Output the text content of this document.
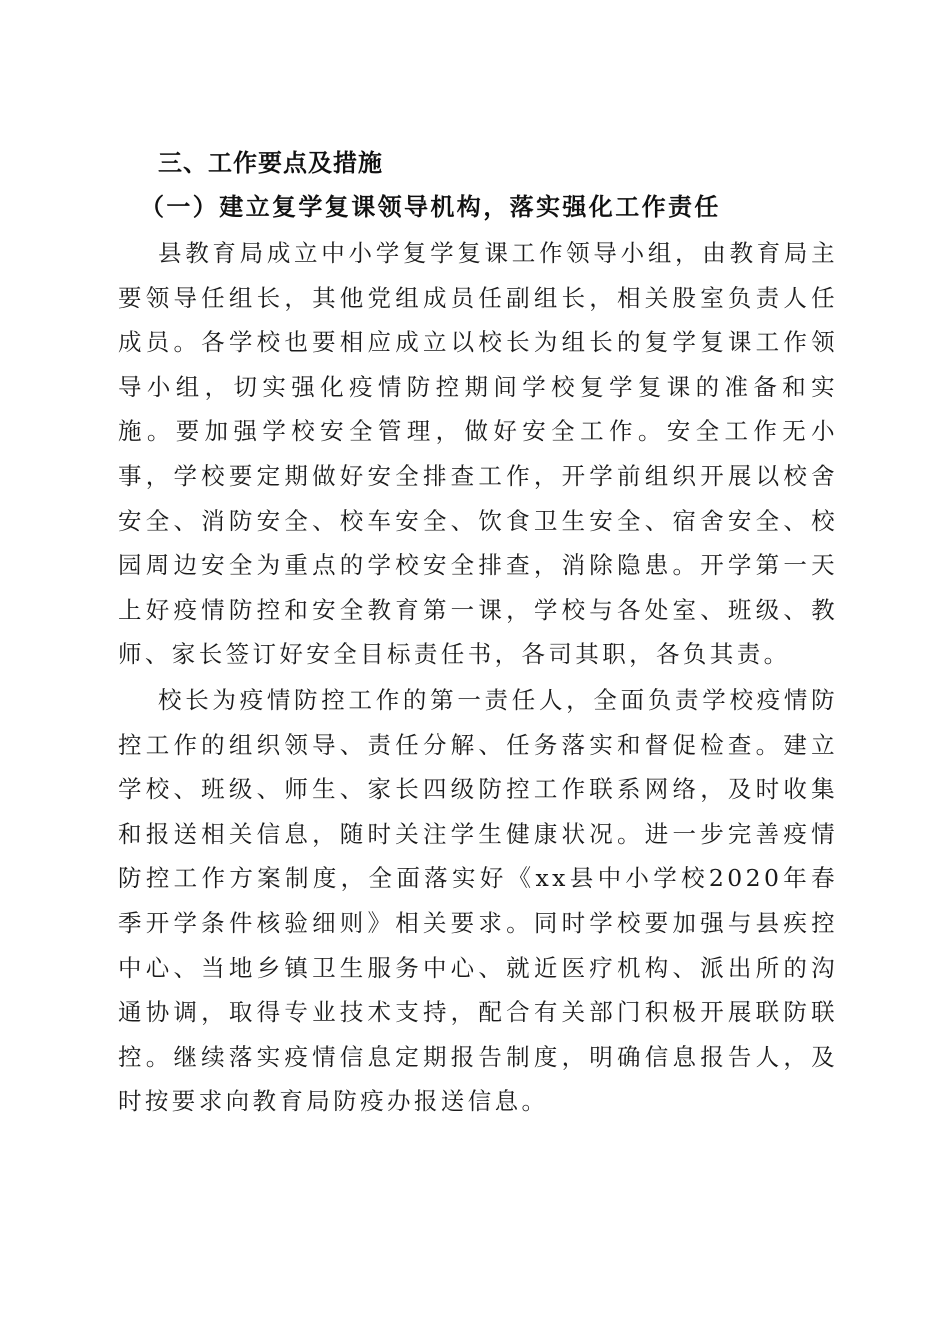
三、工作要点及措施
（一）建立复学复课领导机构，落实强化工作责任

县教育局成立中小学复学复课工作领导小组，由教育局主要领导任组长，其他党组成员任副组长，相关股室负责人任成员。各学校也要相应成立以校长为组长的复学复课工作领导小组，切实强化疫情防控期间学校复学复课的准备和实施。要加强学校安全管理，做好安全工作。安全工作无小事，学校要定期做好安全排查工作，开学前组织开展以校舍安全、消防安全、校车安全、饮食卫生安全、宿舍安全、校园周边安全为重点的学校安全排查，消除隐患。开学第一天上好疫情防控和安全教育第一课，学校与各处室、班级、教师、家长签订好安全目标责任书，各司其职，各负其责。

校长为疫情防控工作的第一责任人，全面负责学校疫情防控工作的组织领导、责任分解、任务落实和督促检查。建立学校、班级、师生、家长四级防控工作联系网络，及时收集和报送相关信息，随时关注学生健康状况。进一步完善疫情防控工作方案制度，全面落实好《xx县中小学校2020年春季开学条件核验细则》相关要求。同时学校要加强与县疾控中心、当地乡镇卫生服务中心、就近医疗机构、派出所的沟通协调，取得专业技术支持，配合有关部门积极开展联防联控。继续落实疫情信息定期报告制度，明确信息报告人，及时按要求向教育局防疫办报送信息。
